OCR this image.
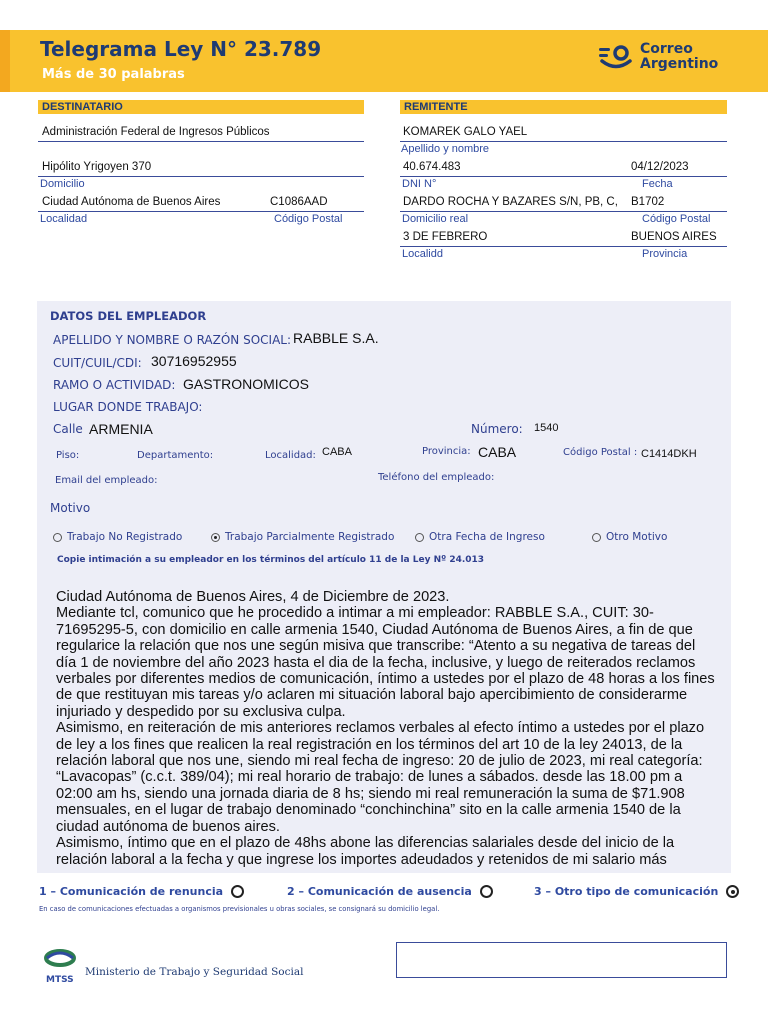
Telegrama Ley N° 23.789
Más de 30 palabras
Correo
Argentino
DESTINATARIO
Administración Federal de Ingresos Públicos
Hipólito Yrigoyen 370
Domicilio
Ciudad Autónoma de Buenos Aires	C1086AAD
Localidad	Código Postal
REMITENTE
KOMAREK GALO YAEL
Apellido y nombre
40.674.483	04/12/2023
DNI N°	Fecha
DARDO ROCHA Y BAZARES S/N, PB, C, B1702
Domicilio real	Código Postal
3 DE FEBRERO	BUENOS AIRES
Localidd	Provincia
DATOS DEL EMPLEADOR
APELLIDO Y NOMBRE O RAZÓN SOCIAL: RABBLE S.A.
CUIT/CUIL/CDI: 30716952955
RAMO O ACTIVIDAD: GASTRONOMICOS
LUGAR DONDE TRABAJO:
Calle ARMENIA	Número: 1540
Piso:	Departamento:	Localidad: CABA	Provincia: CABA	Código Postal : C1414DKH
Email del empleado:	Teléfono del empleado:
Motivo
Trabajo No Registrado	Trabajo Parcialmente Registrado	Otra Fecha de Ingreso	Otro Motivo
Copie intimación a su empleador en los términos del artículo 11 de la Ley Nº 24.013

Ciudad Autónoma de Buenos Aires, 4 de Diciembre de 2023.

Mediante tcl, comunico que he procedido a intimar a mi empleador: RABBLE S.A., CUIT: 30-71695295-5, con domicilio en calle armenia 1540, Ciudad Autónoma de Buenos Aires, a fin de que regularice la relación que nos une según misiva que transcribe: “Atento a su negativa de tareas del día 1 de noviembre del año 2023 hasta el dia de la fecha, inclusive, y luego de reiterados reclamos verbales por diferentes medios de comunicación, íntimo a ustedes por el plazo de 48 horas a los fines de que restituyan mis tareas y/o aclaren mi situación laboral bajo apercibimiento de considerarme injuriado y despedido por su exclusiva culpa.

Asimismo, en reiteración de mis anteriores reclamos verbales al efecto íntimo a ustedes por el plazo de ley a los fines que realicen la real registración en los términos del art 10 de la ley 24013, de la relación laboral que nos une, siendo mi real fecha de ingreso: 20 de julio de 2023, mi real categoría: “Lavacopas” (c.c.t. 389/04); mi real horario de trabajo: de lunes a sábados. desde las 18.00 pm a 02:00 am hs, siendo una jornada diaria de 8 hs; siendo mi real remuneración la suma de $71.908 mensuales, en el lugar de trabajo denominado “conchinchina” sito en la calle armenia 1540 de la ciudad autónoma de buenos aires.

Asimismo, íntimo que en el plazo de 48hs abone las diferencias salariales desde del inicio de la relación laboral a la fecha y que ingrese los importes adeudados y retenidos de mi salario más

1 – Comunicación de renuncia	2 – Comunicación de ausencia	3 – Otro tipo de comunicación
En caso de comunicaciones efectuadas a organismos previsionales u obras sociales, se consignará su domicilio legal.
MTSS
Ministerio de Trabajo y Seguridad Social
